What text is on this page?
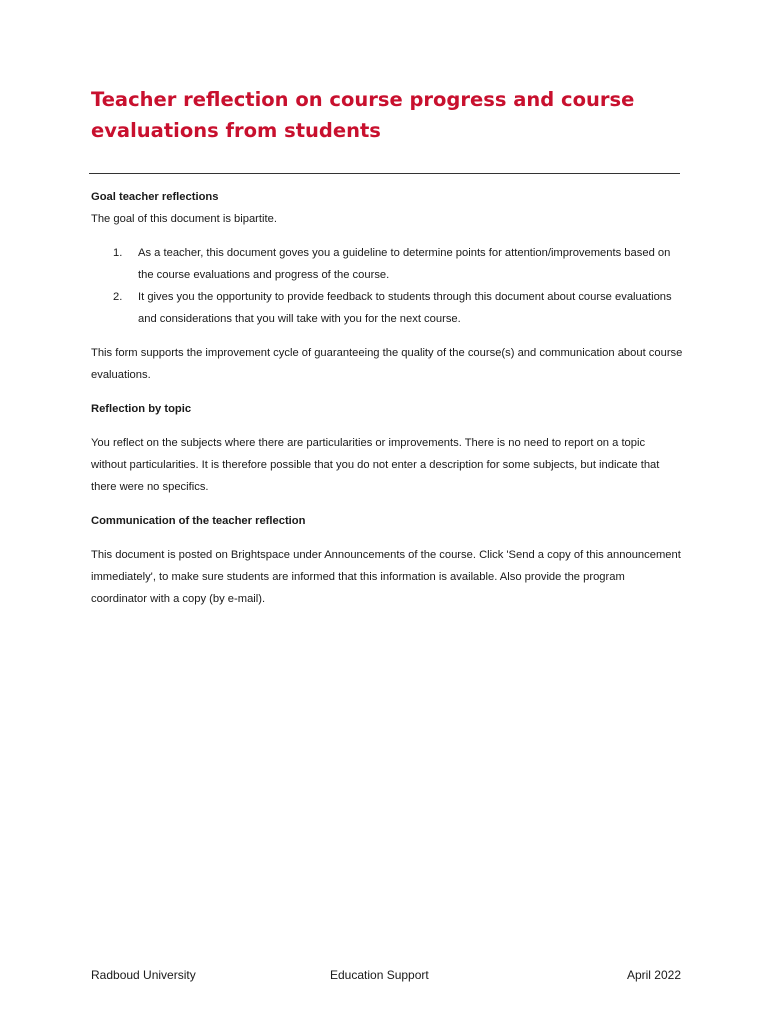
Teacher reflection on course progress and course evaluations from students
Goal teacher reflections

The goal of this document is bipartite.

1. As a teacher, this document goves you a guideline to determine points for attention/improvements based on the course evaluations and progress of the course.
2. It gives you the opportunity to provide feedback to students through this document about course evaluations and considerations that you will take with you for the next course.

This form supports the improvement cycle of guaranteeing the quality of the course(s) and communication about course evaluations.

Reflection by topic

You reflect on the subjects where there are particularities or improvements. There is no need to report on a topic without particularities. It is therefore possible that you do not enter a description for some subjects, but indicate that there were no specifics.

Communication of the teacher reflection

This document is posted on Brightspace under Announcements of the course. Click 'Send a copy of this announcement immediately', to make sure students are informed that this information is available. Also provide the program coordinator with a copy (by e-mail).

Radboud University	Education Support	April 2022
